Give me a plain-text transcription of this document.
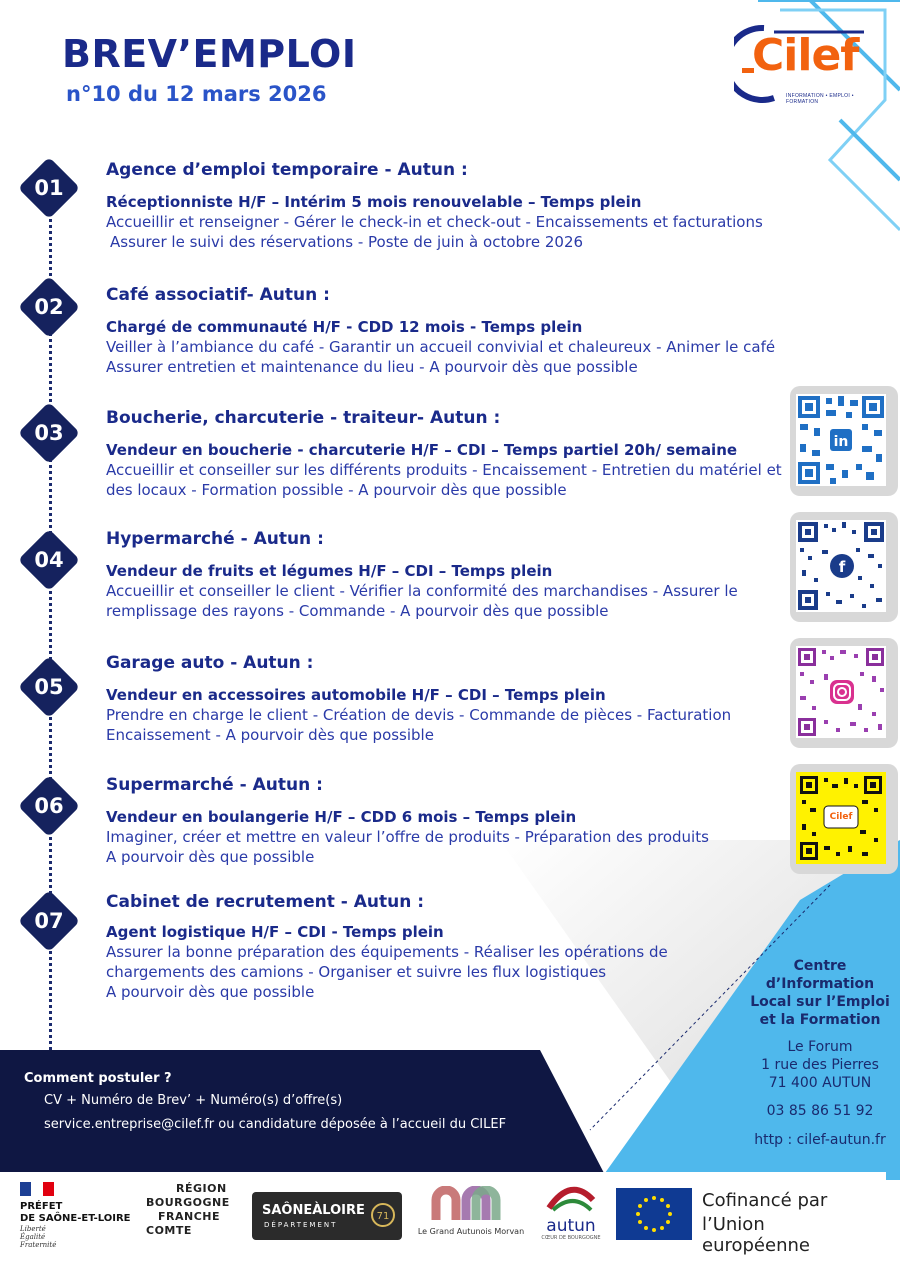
BREV’EMPLOI
n°10 du 12 mars 2026
Cilef
INFORMATION • EMPLOI • FORMATION
01
02
03
04
05
06
07
Agence d’emploi temporaire - Autun :
Réceptionniste H/F – Intérim 5 mois renouvelable – Temps plein
Accueillir et renseigner - Gérer le check-in et check-out - Encaissements et facturations
Assurer le suivi des réservations - Poste de juin à octobre 2026
Café associatif- Autun :
Chargé de communauté H/F - CDD 12 mois - Temps plein
Veiller à l’ambiance du café - Garantir un accueil convivial et chaleureux - Animer le café
Assurer entretien et maintenance du lieu - A pourvoir dès que possible
Boucherie, charcuterie - traiteur- Autun :
Vendeur en boucherie - charcuterie H/F – CDI – Temps partiel 20h/ semaine
Accueillir et conseiller sur les différents produits - Encaissement - Entretien du matériel et
des locaux - Formation possible - A pourvoir dès que possible
Hypermarché - Autun :
Vendeur de fruits et légumes H/F – CDI – Temps plein
Accueillir et conseiller le client - Vérifier la conformité des marchandises - Assurer le
remplissage des rayons - Commande - A pourvoir dès que possible
Garage auto - Autun :
Vendeur en accessoires automobile H/F – CDI – Temps plein
Prendre en charge le client - Création de devis - Commande de pièces - Facturation
Encaissement - A pourvoir dès que possible
Supermarché - Autun :
Vendeur en boulangerie H/F – CDD 6 mois – Temps plein
Imaginer, créer et mettre en valeur l’offre de produits - Préparation des produits
A pourvoir dès que possible
Cabinet de recrutement - Autun :
Agent logistique H/F – CDI - Temps plein
Assurer la bonne préparation des équipements - Réaliser les opérations de
chargements des camions - Organiser et suivre les flux logistiques
A pourvoir dès que possible
in
f
Cilef
Centre
d’Information
Local sur l’Emploi
et la Formation
Le Forum
1 rue des Pierres
71 400 AUTUN
03 85 86 51 92
http : cilef-autun.fr
Comment postuler ?
CV + Numéro de Brev’ + Numéro(s) d’offre(s)
service.entreprise@cilef.fr ou candidature déposée à l’accueil du CILEF
PRÉFET
DE SAÔNE-ET-LOIRE
Liberté
Égalité
Fraternité
RÉGION
BOURGOGNE
FRANCHE
COMTE
SAÔNEÀLOIRE
DÉPARTEMENT
71
Le Grand Autunois Morvan	autun
CŒUR DE BOURGOGNE
Cofinancé par
l’Union européenne
